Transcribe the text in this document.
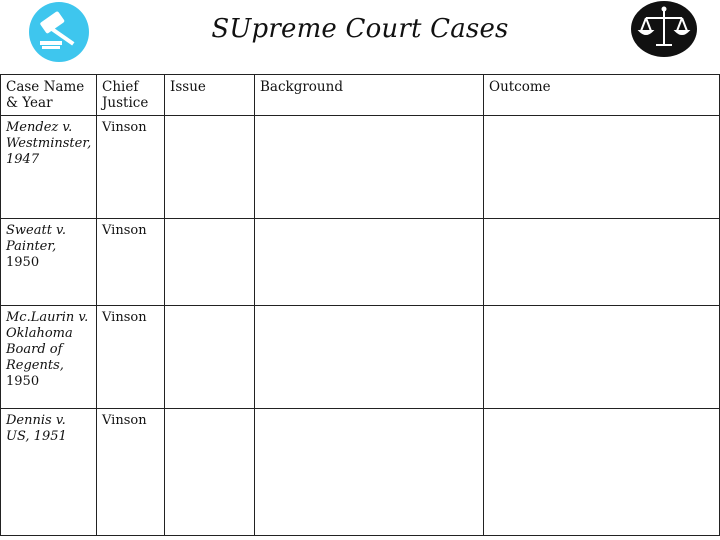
SUpreme Court Cases
Case Name & Year	Chief Justice	Issue	Background	Outcome
Mendez v. Westminster, 1947	Vinson			
Sweatt v. Painter, 1950	Vinson			
Mc.Laurin v. Oklahoma Board of Regents, 1950	Vinson			
Dennis v. US, 1951	Vinson			
